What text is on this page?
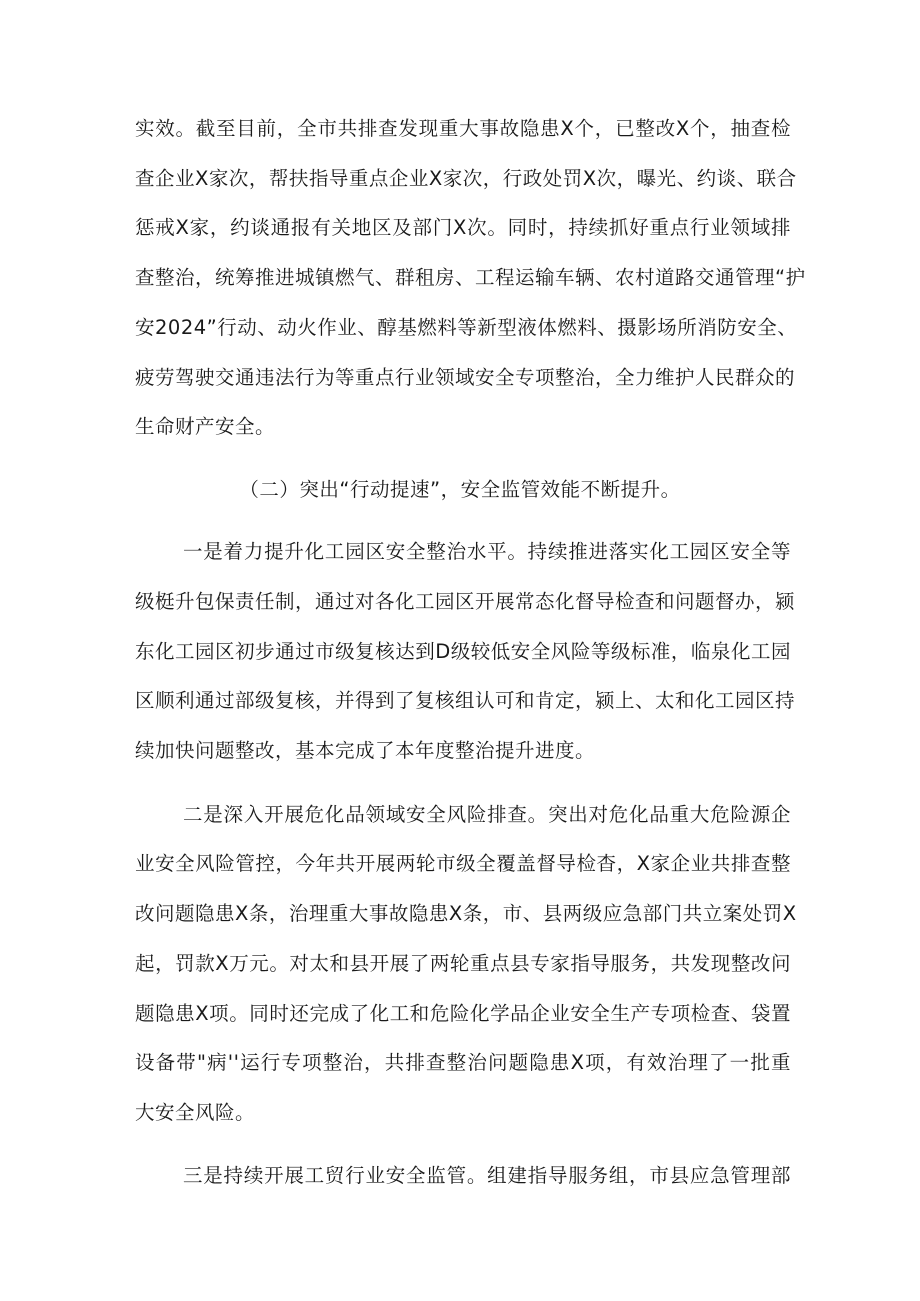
实效。截至目前，全市共排查发现重大事故隐患X个，已整改X个，抽查检
查企业X家次，帮扶指导重点企业X家次，行政处罚X次，曝光、约谈、联合
惩戒X家，约谈通报有关地区及部门X次。同时，持续抓好重点行业领域排
查整治，统筹推进城镇燃气、群租房、工程运输车辆、农村道路交通管理“护
安2024”行动、动火作业、醇基燃料等新型液体燃料、摄影场所消防安全、
疲劳驾驶交通违法行为等重点行业领域安全专项整治，全力维护人民群众的
生命财产安全。
（二）突出“行动提速”，安全监管效能不断提升。
一是着力提升化工园区安全整治水平。持续推进落实化工园区安全等
级梃升包保责任制，通过对各化工园区开展常态化督导检查和问题督办，颍
东化工园区初步通过市级复核达到D级较低安全风险等级标准，临泉化工园
区顺利通过部级复核，并得到了复核组认可和肯定，颍上、太和化工园区持
续加快问题整改，基本完成了本年度整治提升进度。
二是深入开展危化品领域安全风险排查。突出对危化品重大危险源企
业安全风险管控，今年共开展两轮市级全覆盖督导检杳，X家企业共排查整
改问题隐患X条，治理重大事故隐患X条，市、县两级应急部门共立案处罚X
起，罚款X万元。对太和县开展了两轮重点县专家指导服务，共发现整改问
题隐患X项。同时还完成了化工和危险化学品企业安全生产专项检查、袋置
设备带"病''运行专项整治，共排查整治问题隐患X项，有效治理了一批重
大安全风险。
三是持续开展工贸行业安全监管。组建指导服务组，市县应急管理部
